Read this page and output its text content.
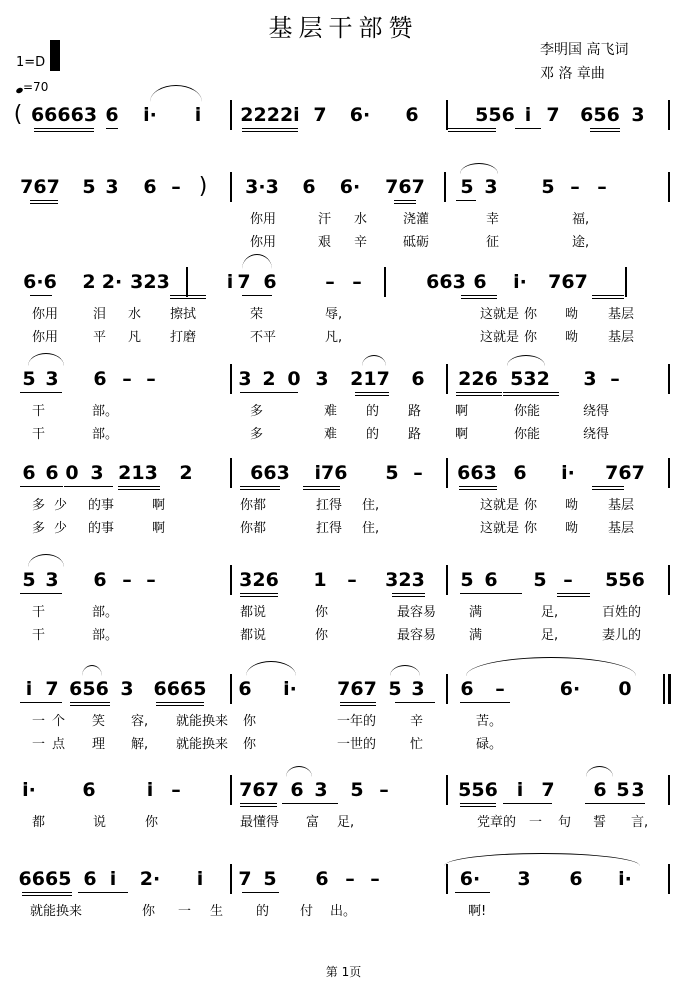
基层干部赞
李明国 高飞词
邓 洛 章曲
1=D
=70
( 66663 6 i· i 2222i 7 6· 6	556 i 7 656 3
767 5 3 6 – ) 3·3 6 6· 767 5 3 5 – –
你用	汗 水	浇灌	幸	福,
你用	艰 辛	砥砺	征	途,
6·6 2 2· 323	i 7 6	– –	663 6 i· 767
你用	泪 水 擦拭	荣	辱,	这就是 你 呦 基层
你用	平 凡 打磨	不平	凡,	这就是 你 呦 基层
5 3 6 – –	3 2 0 3 217 6 226 532 3 –
干	部。	多	难 的 路	啊	你能	绕得
干	部。	多	难 的 路	啊	你能	绕得
6 6 0 3 213 2	663 i76 5 – 663 6 i· 767
多 少 的事	啊	你都	扛得 住,	这就是 你 呦 基层
多 少 的事	啊	你都	扛得 住,	这就是 你 呦 基层
5 3 6 – –	326 1 – 323 5 6 5 – 556
干	部。	都说	你	最容易	满	足,	百姓的
干	部。	都说	你	最容易	满	足,	妻儿的
i 7 656 3 6665 6 i· 767 5 3 6 –	6· 0
一 个 笑 容, 就能换来 你	一年的	辛	苦。
一 点 理 解, 就能换来 你	一世的	忙	碌。
i· 6	i –	767 6 3 5 –	556 i 7 6 5 3
都	说	你	最懂得 富 足,	党章的 一 句 誓 言,
6665 6 i 2· i 7 5 6 – –	6· 3 6 i·
就能换来	你 一 生	的 付 出。	啊!
第 1页
